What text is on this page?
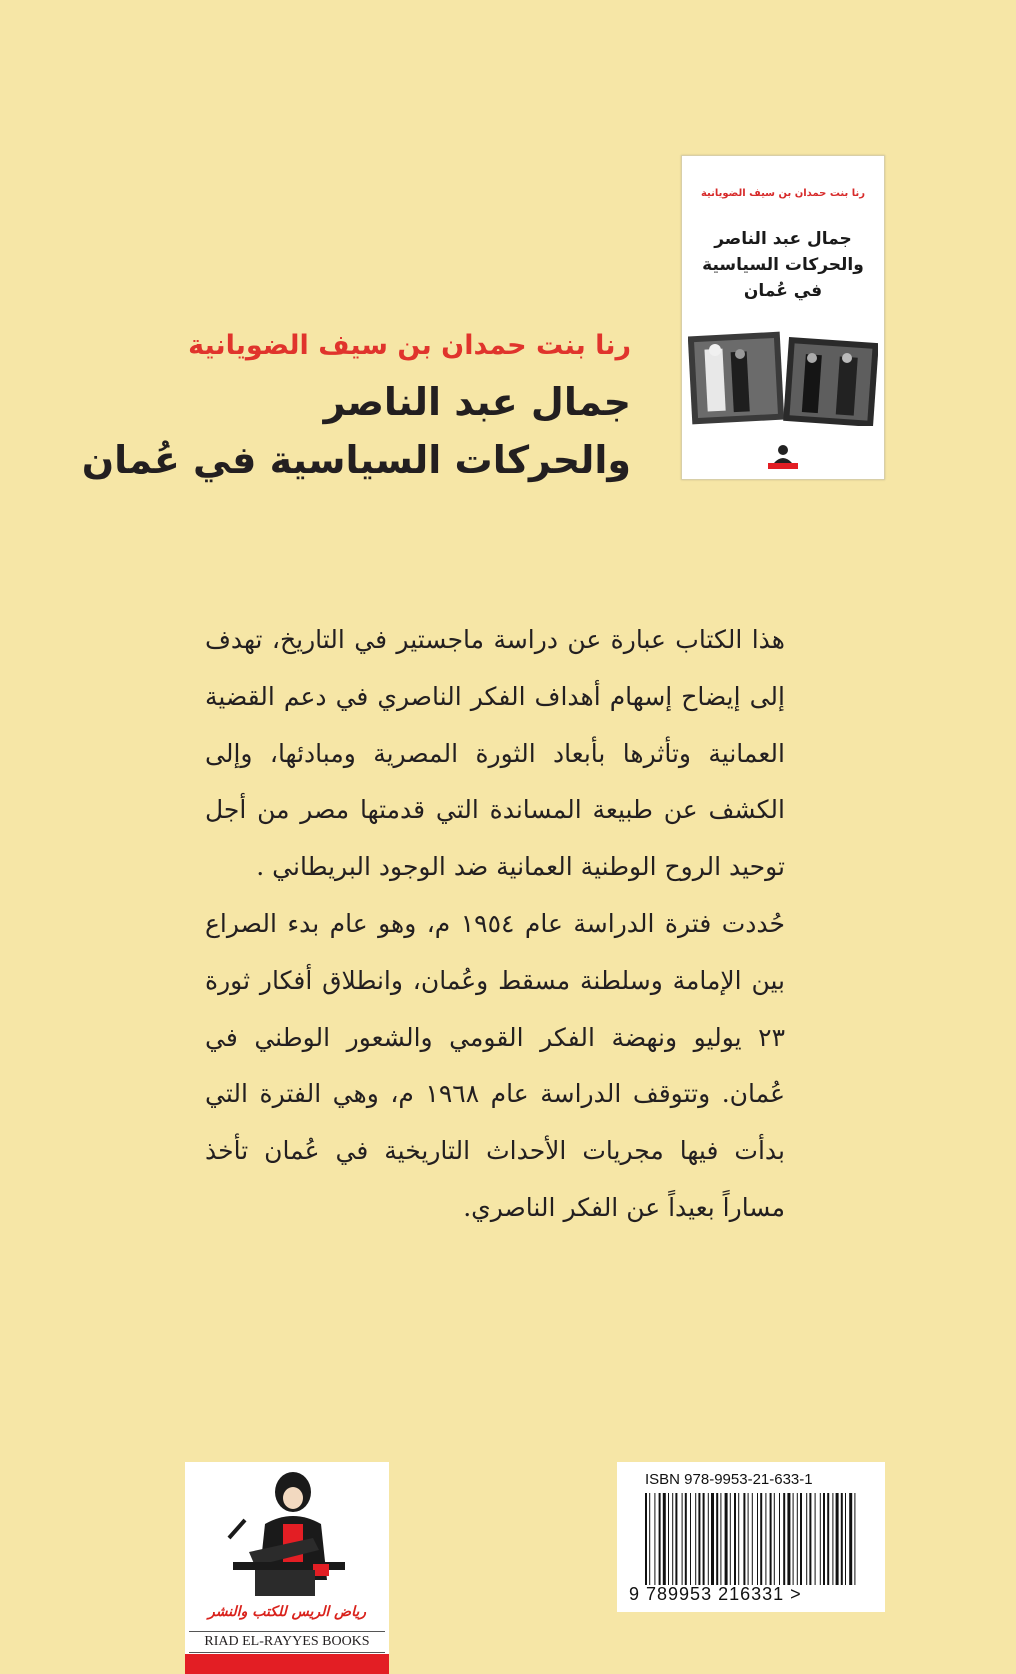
رنا بنت حمدان بن سيف الضويانية
جمال عبد الناصر
والحركات السياسية في عُمان
رنا بنت حمدان بن سيف الضويانية
جمال عبد الناصر
والحركات السياسية في عُمان

هذا الكتاب عبارة عن دراسة ماجستير في التاريخ، تهدف إلى إيضاح إسهام أهداف الفكر الناصري في دعم القضية العمانية وتأثرها بأبعاد الثورة المصرية ومبادئها، وإلى الكشف عن طبيعة المساندة التي قدمتها مصر من أجل توحيد الروح الوطنية العمانية ضد الوجود البريطاني .

حُددت فترة الدراسة عام ١٩٥٤ م، وهو عام بدء الصراع بين الإمامة وسلطنة مسقط وعُمان، وانطلاق أفكار ثورة ٢٣ يوليو ونهضة الفكر القومي والشعور الوطني في عُمان. وتتوقف الدراسة عام ١٩٦٨ م، وهي الفترة التي بدأت فيها مجريات الأحداث التاريخية في عُمان تأخذ مساراً بعيداً عن الفكر الناصري.

رياض الريس للكتب والنشر
RIAD EL-RAYYES BOOKS
ISBN 978-9953-21-633-1
9 789953 216331 >
